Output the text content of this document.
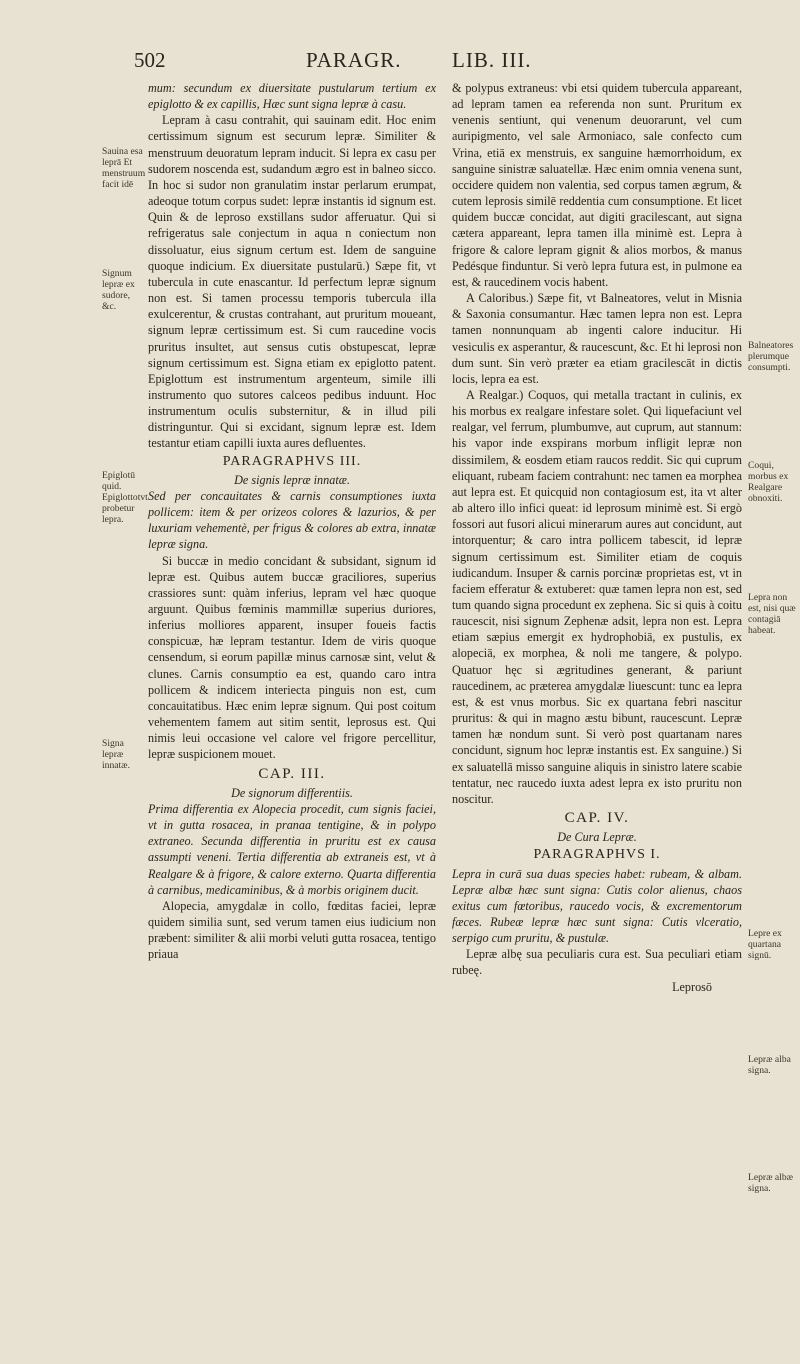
502	PARAGR. LIB. III.
Sauina esa leprā Et menstruum facit idē
Signum lepræ ex sudore, &c.
Epiglotū quid. Epiglottotvt probetur lepra.
Signa lepræ innatæ.
Balneatores plerumque consumpti.
Coqui, morbus ex Realgare obnoxiti.
Lepra non est, nisi quæ contagiā habeat.
Lepre ex quartana signū.
Lepræ alba signa.
Lepræ albæ signa.

mum: secundum ex diuersitate pustularum tertium ex epiglotto & ex capillis, Hæc sunt signa lepræ à casu.

Lepram à casu contrahit, qui sauinam edit. Hoc enim certissimum signum est securum lepræ. Similiter & menstruum deuoratum lepram inducit. Si lepra ex casu per sudorem noscenda est, sudandum ægro est in balneo sicco. In hoc si sudor non granulatim instar perlarum erumpat, adeoque totum corpus sudet: lepræ instantis id signum est. Quin & de leproso exstillans sudor afferuatur. Qui si refrigeratus sale conjectum in aqua n coniectum non dissoluatur, eius signum certum est. Idem de sanguine quoque indicium. Ex diuersitate pustularū.) Sæpe fit, vt tubercula in cute enascantur. Id perfectum lepræ signum non est. Si tamen processu temporis tubercula illa exulcerentur, & crustas contrahant, aut pruritum moueant, signum lepræ certissimum est. Si cum raucedine vocis pruritus insultet, aut sensus cutis obstupescat, lepræ signum certissimum est. Signa etiam ex epiglotto patent. Epiglottum est instrumentum argenteum, simile illi instrumento quo sutores calceos pedibus induunt. Hoc instrumentum oculis substernitur, & in illud pili distringuntur. Qui si excidant, signum lepræ est. Idem testantur etiam capilli iuxta aures defluentes.

PARAGRAPHVS III.
De signis lepræ innatæ.

Sed per concauitates & carnis consumptiones iuxta pollicem: item & per orizeos colores & lazurios, & per luxuriam vehementè, per frigus & colores ab extra, innatæ lepræ signa.

Si buccæ in medio concidant & subsidant, signum id lepræ est. Quibus autem buccæ graciliores, superius crassiores sunt: quàm inferius, lepram vel hæc quoque arguunt. Quibus fœminis mammillæ superius duriores, inferius molliores apparent, insuper foueis factis conspicuæ, hæ lepram testantur. Idem de viris quoque censendum, si eorum papillæ minus carnosæ sint, velut & clunes. Carnis consumptio ea est, quando caro intra pollicem & indicem interiecta pinguis non est, cum concauitatibus. Hæc enim lepræ signum. Qui post coitum vehementem famem aut sitim sentit, leprosus est. Qui nimis leui occasione vel calore vel frigore percellitur, lepræ suspicionem mouet.

CAP. III.
De signorum differentiis.

Prima differentia ex Alopecia procedit, cum signis faciei, vt in gutta rosacea, in pranaa tentigine, & in polypo extraneo. Secunda differentia in pruritu est ex causa assumpti veneni. Tertia differentia ab extraneis est, vt à Realgare & à frigore, & calore externo. Quarta differentia à carnibus, medicaminibus, & à morbis originem ducit.

Alopecia, amygdalæ in collo, fœditas faciei, lepræ quidem similia sunt, sed verum tamen eius iudicium non præbent: similiter & alii morbi veluti gutta rosacea, tentigo priaua

& polypus extraneus: vbi etsi quidem tubercula appareant, ad lepram tamen ea referenda non sunt. Pruritum ex venenis sentiunt, qui venenum deuorarunt, vel cum auripigmento, vel sale Armoniaco, sale confecto cum Vrina, etiā ex menstruis, ex sanguine hæmorrhoidum, ex sanguine sinistræ saluatellæ. Hæc enim omnia venena sunt, occidere quidem non valentia, sed corpus tamen ægrum, & cutem leprosis similē reddentia cum consumptione. Et licet quidem buccæ concidat, aut digiti gracilescant, aut signa cætera appareant, lepra tamen illa minimè est. Lepra à frigore & calore lepram gignit & alios morbos, & manus Pedésque finduntur. Si verò lepra futura est, in pulmone ea est, & raucedinem vocis habent.

A Caloribus.) Sæpe fit, vt Balneatores, velut in Misnia & Saxonia consumantur. Hæc tamen lepra non est. Lepra tamen nonnunquam ab ingenti calore inducitur. Hi vesiculis ex asperantur, & raucescunt, &c. Et hi leprosi non dum sunt. Sin verò præter ea etiam gracilescāt in dictis locis, lepra ea est.

A Realgar.) Coquos, qui metalla tractant in culinis, ex his morbus ex realgare infestare solet. Qui liquefaciunt vel realgar, vel ferrum, plumbumve, aut cuprum, aut stannum: his vapor inde exspirans morbum infligit lepræ non dissimilem, & eosdem etiam raucos reddit. Sic qui cuprum eliquant, rubeam faciem contrahunt: nec tamen ea morphea aut lepra est. Et quicquid non contagiosum est, ita vt alter ab altero illo infici queat: id leprosum minimè est. Si ergò fossori aut fusori alicui minerarum aures aut concidunt, aut intorquentur; & caro intra pollicem tabescit, id lepræ signum certissimum est. Similiter etiam de coquis iudicandum. Insuper & carnis porcinæ proprietas est, vt in faciem efferatur & extuberet: quæ tamen lepra non est, sed tum quando signa procedunt ex zephena. Sic si quis à coitu raucescit, nisi signum Zephenæ adsit, lepra non est. Lepra etiam sæpius emergit ex hydrophobiā, ex pustulis, ex alopeciā, ex morphea, & noli me tangere, & polypo. Quatuor hęc si ægritudines generant, & pariunt raucedinem, ac præterea amygdalæ liuescunt: tunc ea lepra est, & est vnus morbus. Sic ex quartana febri nascitur pruritus: & qui in magno æstu bibunt, raucescunt. Lepræ tamen hæ nondum sunt. Si verò post quartanam nares concidunt, signum hoc lepræ instantis est. Ex sanguine.) Si ex saluatellā misso sanguine aliquis in sinistro latere scabie tentatur, nec raucedo iuxta adest lepra ex isto pruritu non noscitur.

CAP. IV.
De Cura Lepræ.
PARAGRAPHVS I.

Lepra in curā sua duas species habet: rubeam, & albam. Lepræ albæ hæc sunt signa: Cutis color alienus, chaos exitus cum fœtoribus, raucedo vocis, & excrementorum fæces. Rubeæ lepræ hæc sunt signa: Cutis vlceratio, serpigo cum pruritu, & pustulæ.

Lepræ albę sua peculiaris cura est. Sua peculiari etiam rubeę.

Leprosō
